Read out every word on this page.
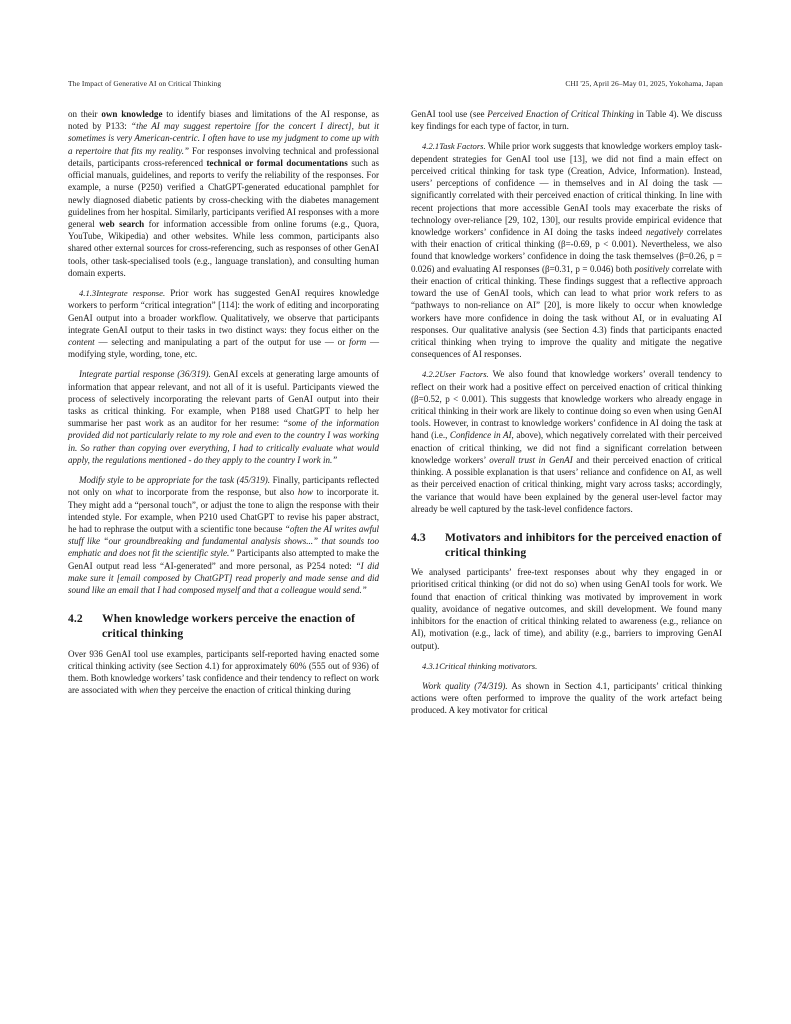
The Impact of Generative AI on Critical Thinking	CHI '25, April 26–May 01, 2025, Yokohama, Japan

on their own knowledge to identify biases and limitations of the AI response, as noted by P133: “the AI may suggest repertoire [for the concert I direct], but it sometimes is very American-centric. I often have to use my judgment to come up with a repertoire that fits my reality.” For responses involving technical and professional details, participants cross-referenced technical or formal documentations such as official manuals, guidelines, and reports to verify the reliability of the responses. For example, a nurse (P250) verified a ChatGPT-generated educational pamphlet for newly diagnosed diabetic patients by cross-checking with the diabetes management guidelines from her hospital. Similarly, participants verified AI responses with a more general web search for information accessible from online forums (e.g., Quora, YouTube, Wikipedia) and other websites. While less common, participants also shared other external sources for cross-referencing, such as responses of other GenAI tools, other task-specialised tools (e.g., language translation), and consulting human domain experts.

4.1.3Integrate response. Prior work has suggested GenAI requires knowledge workers to perform “critical integration” [114]: the work of editing and incorporating GenAI output into a broader workflow. Qualitatively, we observe that participants integrate GenAI output to their tasks in two distinct ways: they focus either on the content — selecting and manipulating a part of the output for use — or form — modifying style, wording, tone, etc.

Integrate partial response (36/319). GenAI excels at generating large amounts of information that appear relevant, and not all of it is useful. Participants viewed the process of selectively incorporating the relevant parts of GenAI output into their tasks as critical thinking. For example, when P188 used ChatGPT to help her summarise her past work as an auditor for her resume: “some of the information provided did not particularly relate to my role and even to the country I was working in. So rather than copying over everything, I had to critically evaluate what would apply, the regulations mentioned - do they apply to the country I work in.”

Modify style to be appropriate for the task (45/319). Finally, participants reflected not only on what to incorporate from the response, but also how to incorporate it. They might add a “personal touch”, or adjust the tone to align the response with their intended style. For example, when P210 used ChatGPT to revise his paper abstract, he had to rephrase the output with a scientific tone because “often the AI writes awful stuff like “our groundbreaking and fundamental analysis shows...” that sounds too emphatic and does not fit the scientific style.” Participants also attempted to make the GenAI output read less “AI-generated” and more personal, as P254 noted: “I did make sure it [email composed by ChatGPT] read properly and made sense and did sound like an email that I had composed myself and that a colleague would send.”

4.2	When knowledge workers perceive the enaction of critical thinking

Over 936 GenAI tool use examples, participants self-reported having enacted some critical thinking activity (see Section 4.1) for approximately 60% (555 out of 936) of them. Both knowledge workers’ task confidence and their tendency to reflect on work are associated with when they perceive the enaction of critical thinking during

GenAI tool use (see Perceived Enaction of Critical Thinking in Table 4). We discuss key findings for each type of factor, in turn.

4.2.1Task Factors. While prior work suggests that knowledge workers employ task-dependent strategies for GenAI tool use [13], we did not find a main effect on perceived critical thinking for task type (Creation, Advice, Information). Instead, users’ perceptions of confidence — in themselves and in AI doing the task — significantly correlated with their perceived enaction of critical thinking. In line with recent projections that more accessible GenAI tools may exacerbate the risks of technology over-reliance [29, 102, 130], our results provide empirical evidence that knowledge workers’ confidence in AI doing the tasks indeed negatively correlates with their enaction of critical thinking (β=-0.69, p < 0.001). Nevertheless, we also found that knowledge workers’ confidence in doing the task themselves (β=0.26, p = 0.026) and evaluating AI responses (β=0.31, p = 0.046) both positively correlate with their enaction of critical thinking. These findings suggest that a reflective approach toward the use of GenAI tools, which can lead to what prior work refers to as “pathways to non-reliance on AI” [20], is more likely to occur when knowledge workers have more confidence in doing the task without AI, or in evaluating AI responses. Our qualitative analysis (see Section 4.3) finds that participants enacted critical thinking when trying to improve the quality and mitigate the negative consequences of AI responses.

4.2.2User Factors. We also found that knowledge workers’ overall tendency to reflect on their work had a positive effect on perceived enaction of critical thinking (β=0.52, p < 0.001). This suggests that knowledge workers who already engage in critical thinking in their work are likely to continue doing so even when using GenAI tools. However, in contrast to knowledge workers’ confidence in AI doing the task at hand (i.e., Confidence in AI, above), which negatively correlated with their perceived enaction of critical thinking, we did not find a significant correlation between knowledge workers’ overall trust in GenAI and their perceived enaction of critical thinking. A possible explanation is that users’ reliance and confidence on AI, as well as their perceived enaction of critical thinking, might vary across tasks; accordingly, the variance that would have been explained by the general user-level factor may already be well captured by the task-level confidence factors.

4.3	Motivators and inhibitors for the perceived enaction of critical thinking

We analysed participants’ free-text responses about why they engaged in or prioritised critical thinking (or did not do so) when using GenAI tools for work. We found that enaction of critical thinking was motivated by improvement in work quality, avoidance of negative outcomes, and skill development. We found many inhibitors for the enaction of critical thinking related to awareness (e.g., reliance on AI), motivation (e.g., lack of time), and ability (e.g., barriers to improving GenAI output).

4.3.1Critical thinking motivators.

Work quality (74/319). As shown in Section 4.1, participants’ critical thinking actions were often performed to improve the quality of the work artefact being produced. A key motivator for critical
